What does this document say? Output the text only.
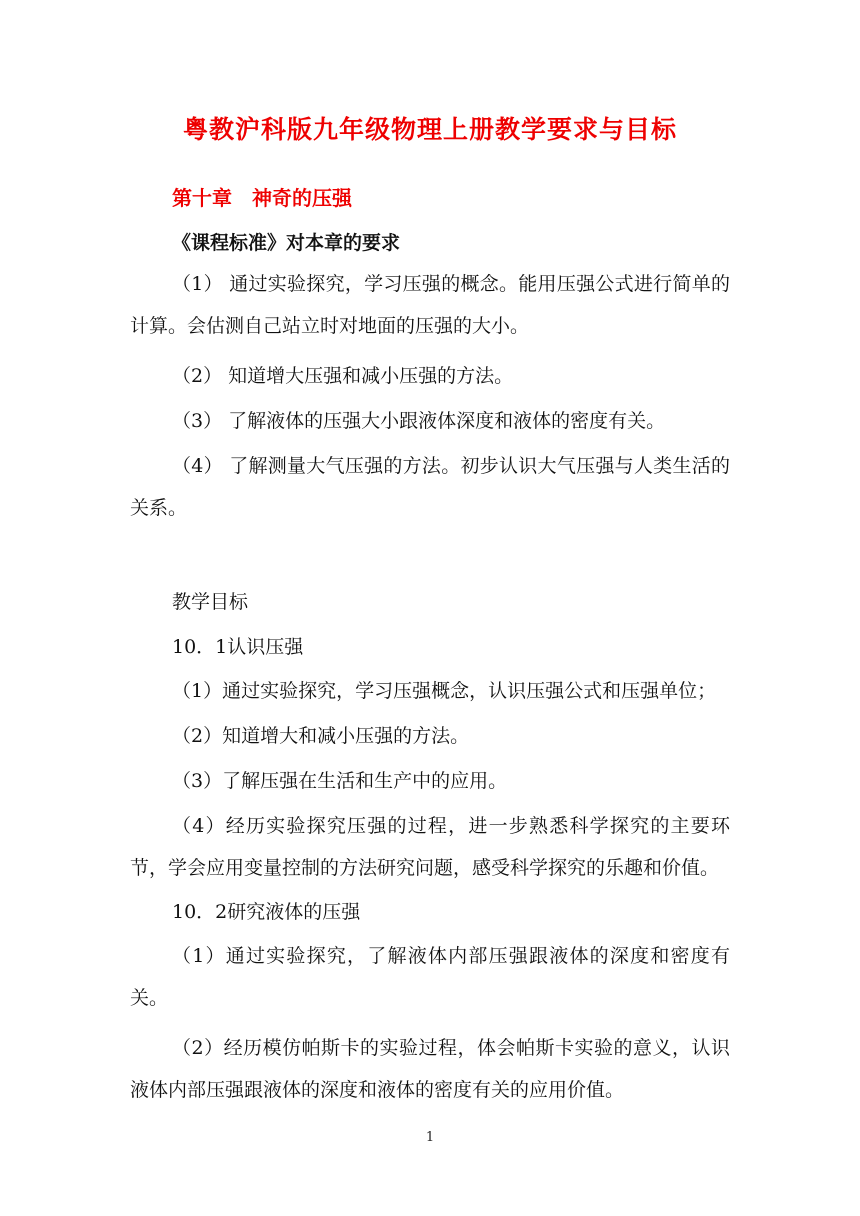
粤教沪科版九年级物理上册教学要求与目标
第十章　神奇的压强
《课程标准》对本章的要求
（1） 通过实验探究，学习压强的概念。能用压强公式进行简单的计算。会估测自己站立时对地面的压强的大小。
（2） 知道增大压强和减小压强的方法。
（3） 了解液体的压强大小跟液体深度和液体的密度有关。
（4） 了解测量大气压强的方法。初步认识大气压强与人类生活的关系。
教学目标
10．1认识压强
（1）通过实验探究，学习压强概念，认识压强公式和压强单位；
（2）知道增大和减小压强的方法。
（3）了解压强在生活和生产中的应用。
（4）经历实验探究压强的过程，进一步熟悉科学探究的主要环节，学会应用变量控制的方法研究问题，感受科学探究的乐趣和价值。
10．2研究液体的压强
（1）通过实验探究，了解液体内部压强跟液体的深度和密度有关。
（2）经历模仿帕斯卡的实验过程，体会帕斯卡实验的意义，认识液体内部压强跟液体的深度和液体的密度有关的应用价值。
1
